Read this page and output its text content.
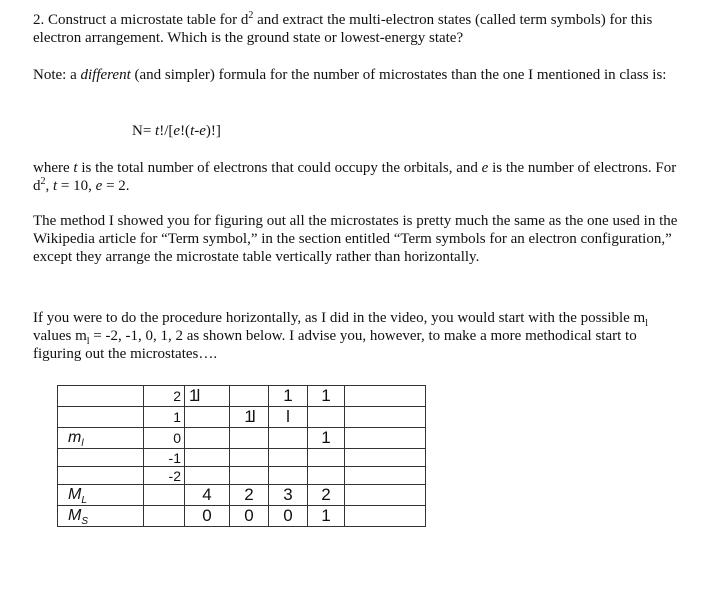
2. Construct a microstate table for $d^2$ and extract the multi-electron states (called term symbols) for this electron arrangement. Which is the ground state or lowest-energy state?

Note: a different (and simpler) formula for the number of microstates than the one I mentioned in class is:

N= t!/[e!(t-e)!]

where t is the total number of electrons that could occupy the orbitals, and e is the number of electrons. For $d^2$, t = 10, e = 2.

The method I showed you for figuring out all the microstates is pretty much the same as the one used in the Wikipedia article for “Term symbol,” in the section entitled “Term symbols for an electron configuration,” except they arrange the microstate table vertically rather than horizontally.

If you were to do the procedure horizontally, as I did in the video, you would start with the possible $m_l$ values $m_l = -2$, -1, 0, 1, 2 as shown below. I advise you, however, to make a more methodical start to figuring out the microstates….

	2	1l		1	1	
	1		1l	l		
$m_l$	0				1	
	-1					
	-2					
$M_L$		4	2	3	2	
$M_S$		0	0	0	1	
